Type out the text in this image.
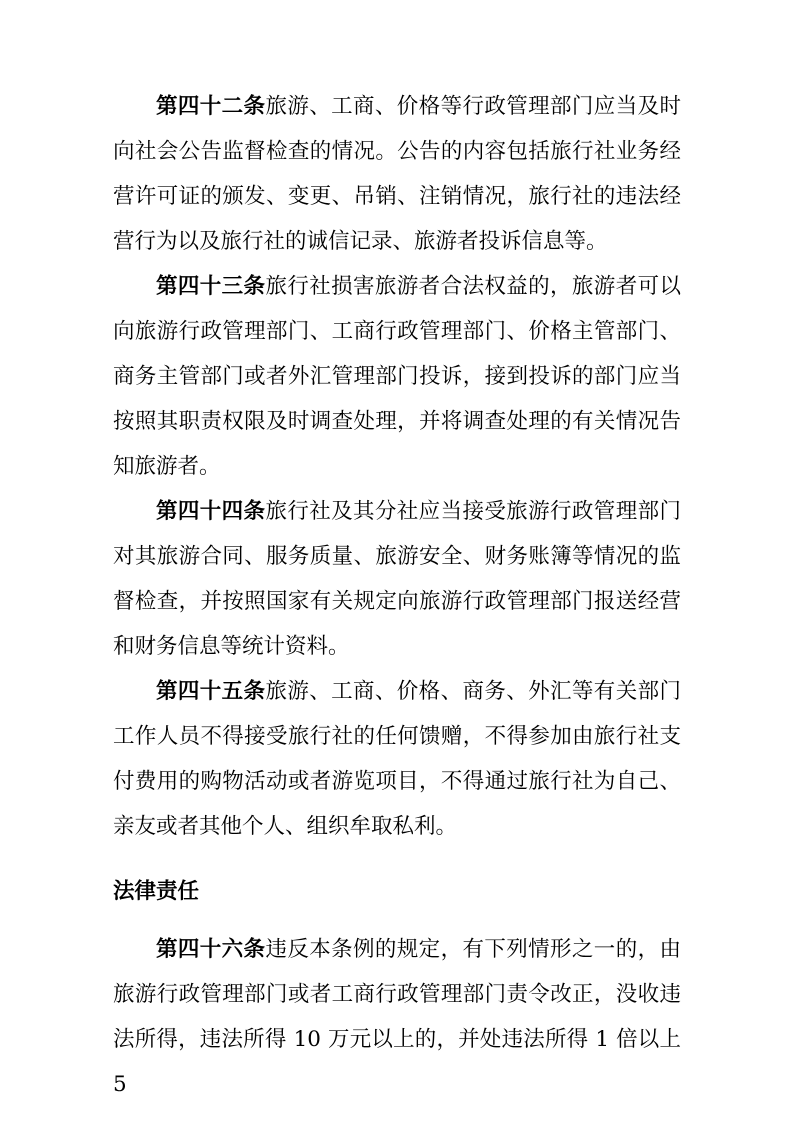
第四十二条旅游、工商、价格等行政管理部门应当及时向社会公告监督检查的情况。公告的内容包括旅行社业务经营许可证的颁发、变更、吊销、注销情况，旅行社的违法经营行为以及旅行社的诚信记录、旅游者投诉信息等。

第四十三条旅行社损害旅游者合法权益的，旅游者可以向旅游行政管理部门、工商行政管理部门、价格主管部门、商务主管部门或者外汇管理部门投诉，接到投诉的部门应当按照其职责权限及时调查处理，并将调查处理的有关情况告知旅游者。

第四十四条旅行社及其分社应当接受旅游行政管理部门对其旅游合同、服务质量、旅游安全、财务账簿等情况的监督检查，并按照国家有关规定向旅游行政管理部门报送经营和财务信息等统计资料。

第四十五条旅游、工商、价格、商务、外汇等有关部门工作人员不得接受旅行社的任何馈赠，不得参加由旅行社支付费用的购物活动或者游览项目，不得通过旅行社为自己、亲友或者其他个人、组织牟取私利。

法律责任

第四十六条违反本条例的规定，有下列情形之一的，由旅游行政管理部门或者工商行政管理部门责令改正，没收违法所得，违法所得 10 万元以上的，并处违法所得 1 倍以上 5
